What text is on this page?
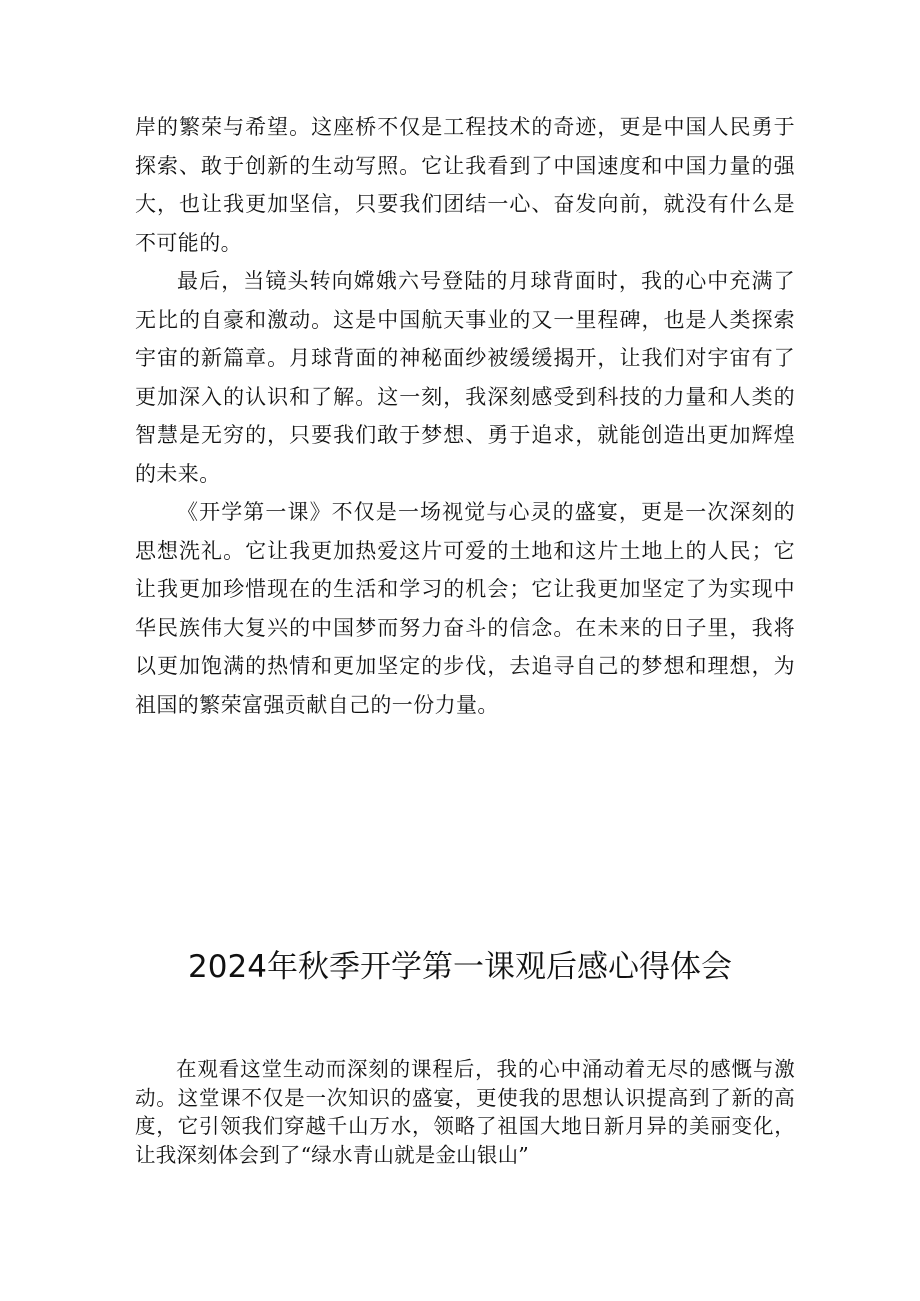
岸的繁荣与希望。这座桥不仅是工程技术的奇迹，更是中国人民勇于探索、敢于创新的生动写照。它让我看到了中国速度和中国力量的强大，也让我更加坚信，只要我们团结一心、奋发向前，就没有什么是不可能的。

最后，当镜头转向嫦娥六号登陆的月球背面时，我的心中充满了无比的自豪和激动。这是中国航天事业的又一里程碑，也是人类探索宇宙的新篇章。月球背面的神秘面纱被缓缓揭开，让我们对宇宙有了更加深入的认识和了解。这一刻，我深刻感受到科技的力量和人类的智慧是无穷的，只要我们敢于梦想、勇于追求，就能创造出更加辉煌的未来。

《开学第一课》不仅是一场视觉与心灵的盛宴，更是一次深刻的思想洗礼。它让我更加热爱这片可爱的土地和这片土地上的人民；它让我更加珍惜现在的生活和学习的机会；它让我更加坚定了为实现中华民族伟大复兴的中国梦而努力奋斗的信念。在未来的日子里，我将以更加饱满的热情和更加坚定的步伐，去追寻自己的梦想和理想，为祖国的繁荣富强贡献自己的一份力量。

2024年秋季开学第一课观后感心得体会

在观看这堂生动而深刻的课程后，我的心中涌动着无尽的感慨与激动。这堂课不仅是一次知识的盛宴，更使我的思想认识提高到了新的高度，它引领我们穿越千山万水，领略了祖国大地日新月异的美丽变化，让我深刻体会到了“绿水青山就是金山银山”
